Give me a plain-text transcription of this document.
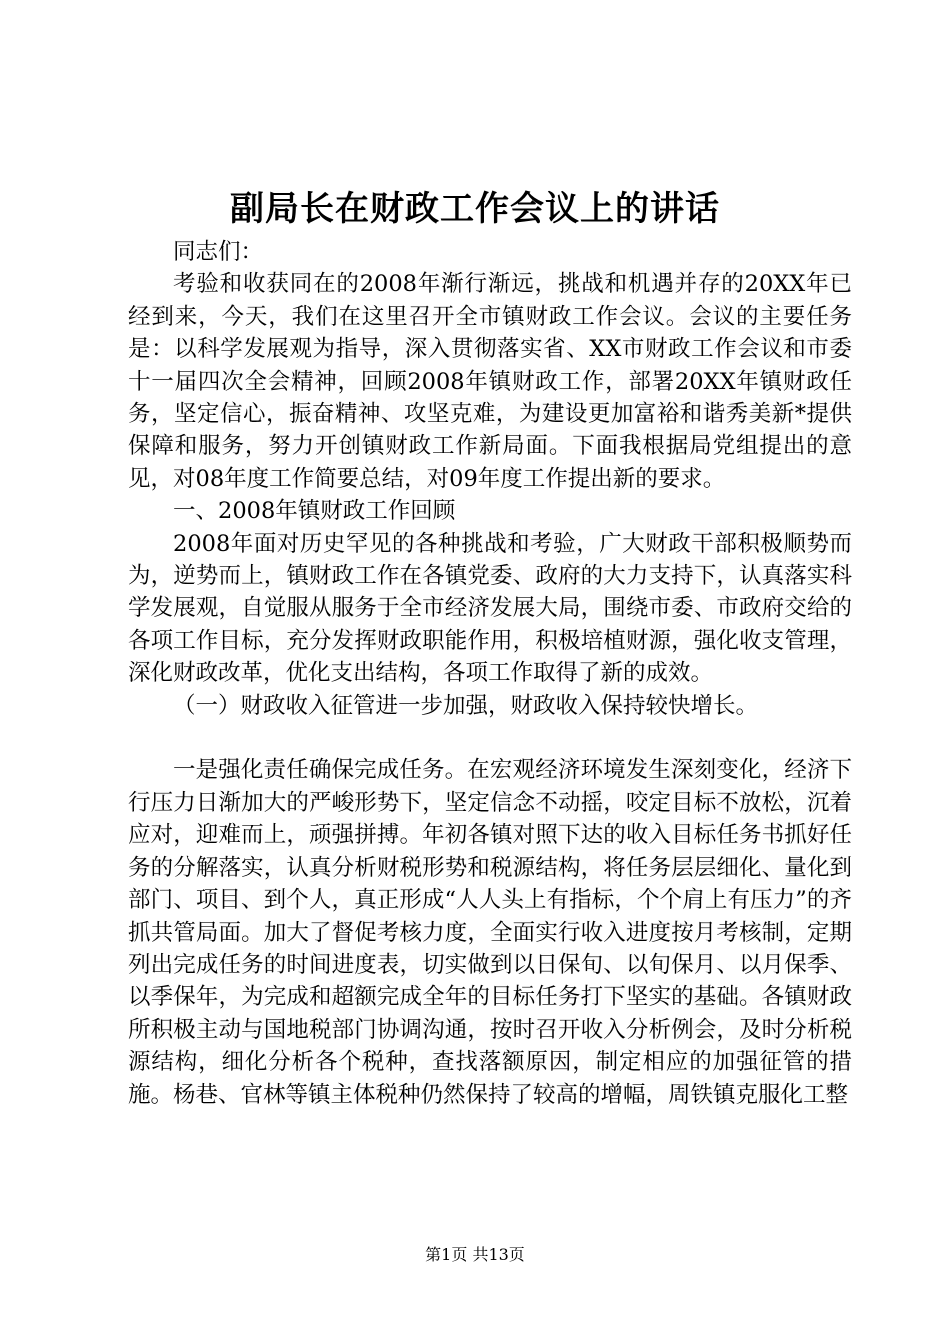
副局长在财政工作会议上的讲话

同志们：

考验和收获同在的2008年渐行渐远，挑战和机遇并存的20XX年已经到来，今天，我们在这里召开全市镇财政工作会议。会议的主要任务是：以科学发展观为指导，深入贯彻落实省、XX市财政工作会议和市委十一届四次全会精神，回顾2008年镇财政工作，部署20XX年镇财政任务，坚定信心，振奋精神、攻坚克难，为建设更加富裕和谐秀美新*提供保障和服务，努力开创镇财政工作新局面。下面我根据局党组提出的意见，对08年度工作简要总结，对09年度工作提出新的要求。

一、2008年镇财政工作回顾

2008年面对历史罕见的各种挑战和考验，广大财政干部积极顺势而为，逆势而上，镇财政工作在各镇党委、政府的大力支持下，认真落实科学发展观，自觉服从服务于全市经济发展大局，围绕市委、市政府交给的各项工作目标，充分发挥财政职能作用，积极培植财源，强化收支管理，深化财政改革，优化支出结构，各项工作取得了新的成效。

（一）财政收入征管进一步加强，财政收入保持较快增长。

一是强化责任确保完成任务。在宏观经济环境发生深刻变化，经济下行压力日渐加大的严峻形势下，坚定信念不动摇，咬定目标不放松，沉着应对，迎难而上，顽强拼搏。年初各镇对照下达的收入目标任务书抓好任务的分解落实，认真分析财税形势和税源结构，将任务层层细化、量化到部门、项目、到个人，真正形成“人人头上有指标，个个肩上有压力”的齐抓共管局面。加大了督促考核力度，全面实行收入进度按月考核制，定期列出完成任务的时间进度表，切实做到以日保旬、以旬保月、以月保季、以季保年，为完成和超额完成全年的目标任务打下坚实的基础。各镇财政所积极主动与国地税部门协调沟通，按时召开收入分析例会，及时分析税源结构，细化分析各个税种，查找落额原因，制定相应的加强征管的措施。杨巷、官林等镇主体税种仍然保持了较高的增幅，周铁镇克服化工整

第1页 共13页
